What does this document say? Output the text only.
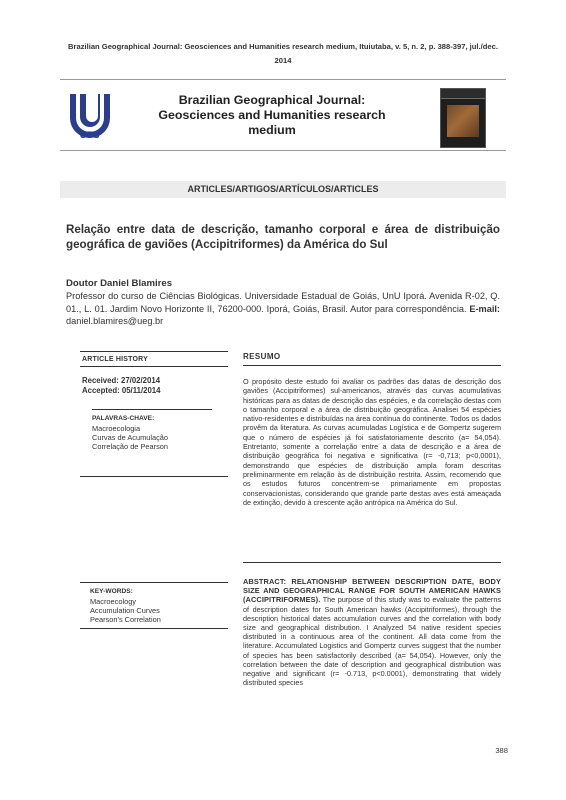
Brazilian Geographical Journal: Geosciences and Humanities research medium, Ituiutaba, v. 5, n. 2, p. 388-397, jul./dec. 2014
UFU
Brazilian Geographical Journal: Geosciences and Humanities research medium
ARTICLES/ARTIGOS/ARTÍCULOS/ARTICLES
Relação entre data de descrição, tamanho corporal e área de distribuição geográfica de gaviões (Accipitriformes) da América do Sul
Doutor Daniel Blamires
Professor do curso de Ciências Biológicas. Universidade Estadual de Goiás, UnU Iporá. Avenida R-02, Q. 01., L. 01. Jardim Novo Horizonte II, 76200-000. Iporá, Goiás, Brasil. Autor para correspondência. E-mail: daniel.blamires@ueg.br
ARTICLE HISTORY
Received: 27/02/2014
Accepted: 05/11/2014
PALAVRAS-CHAVE:
Macroecologia
Curvas de Acumulação
Correlação de Pearson
KEY-WORDS:
Macroecology
Accumulation Curves
Pearson's Correlation
RESUMO
O propósito deste estudo foi avaliar os padrões das datas de descrição dos gaviões (Accipitriformes) sul-americanos, através das curvas acumulativas históricas para as datas de descrição das espécies, e da correlação destas com o tamanho corporal e a área de distribuição geográfica. Analisei 54 espécies nativo-residentes e distribuídas na área contínua do continente. Todos os dados provêm da literatura. As curvas acumuladas Logística e de Gompertz sugerem que o número de espécies já foi satisfatoriamente descrito (a= 54,054). Entretanto, somente a correlação entre a data de descrição e a área de distribuição geográfica foi negativa e significativa (r= -0,713; p<0,0001), demonstrando que espécies de distribuição ampla foram descritas preliminarmente em relação às de distribuição restrita. Assim, recomendo que os estudos futuros concentrem-se primariamente em propostas conservacionistas, considerando que grande parte destas aves está ameaçada de extinção, devido à crescente ação antrópica na América do Sul.
ABSTRACT: RELATIONSHIP BETWEEN DESCRIPTION DATE, BODY SIZE AND GEOGRAPHICAL RANGE FOR SOUTH AMERICAN HAWKS (ACCIPITRIFORMES). The purpose of this study was to evaluate the patterns of description dates for South American hawks (Accipitriformes), through the description historical dates accumulation curves and the correlation with body size and geographical distribution. I Analyzed 54 native resident species distributed in a continuous area of the continent. All data come from the literature. Accumulated Logistics and Gompertz curves suggest that the number of species has been satisfactorily described (a= 54,054). However, only the correlation between the date of description and geographical distribution was negative and significant (r= -0.713, p<0.0001), demonstrating that widely distributed species
388
